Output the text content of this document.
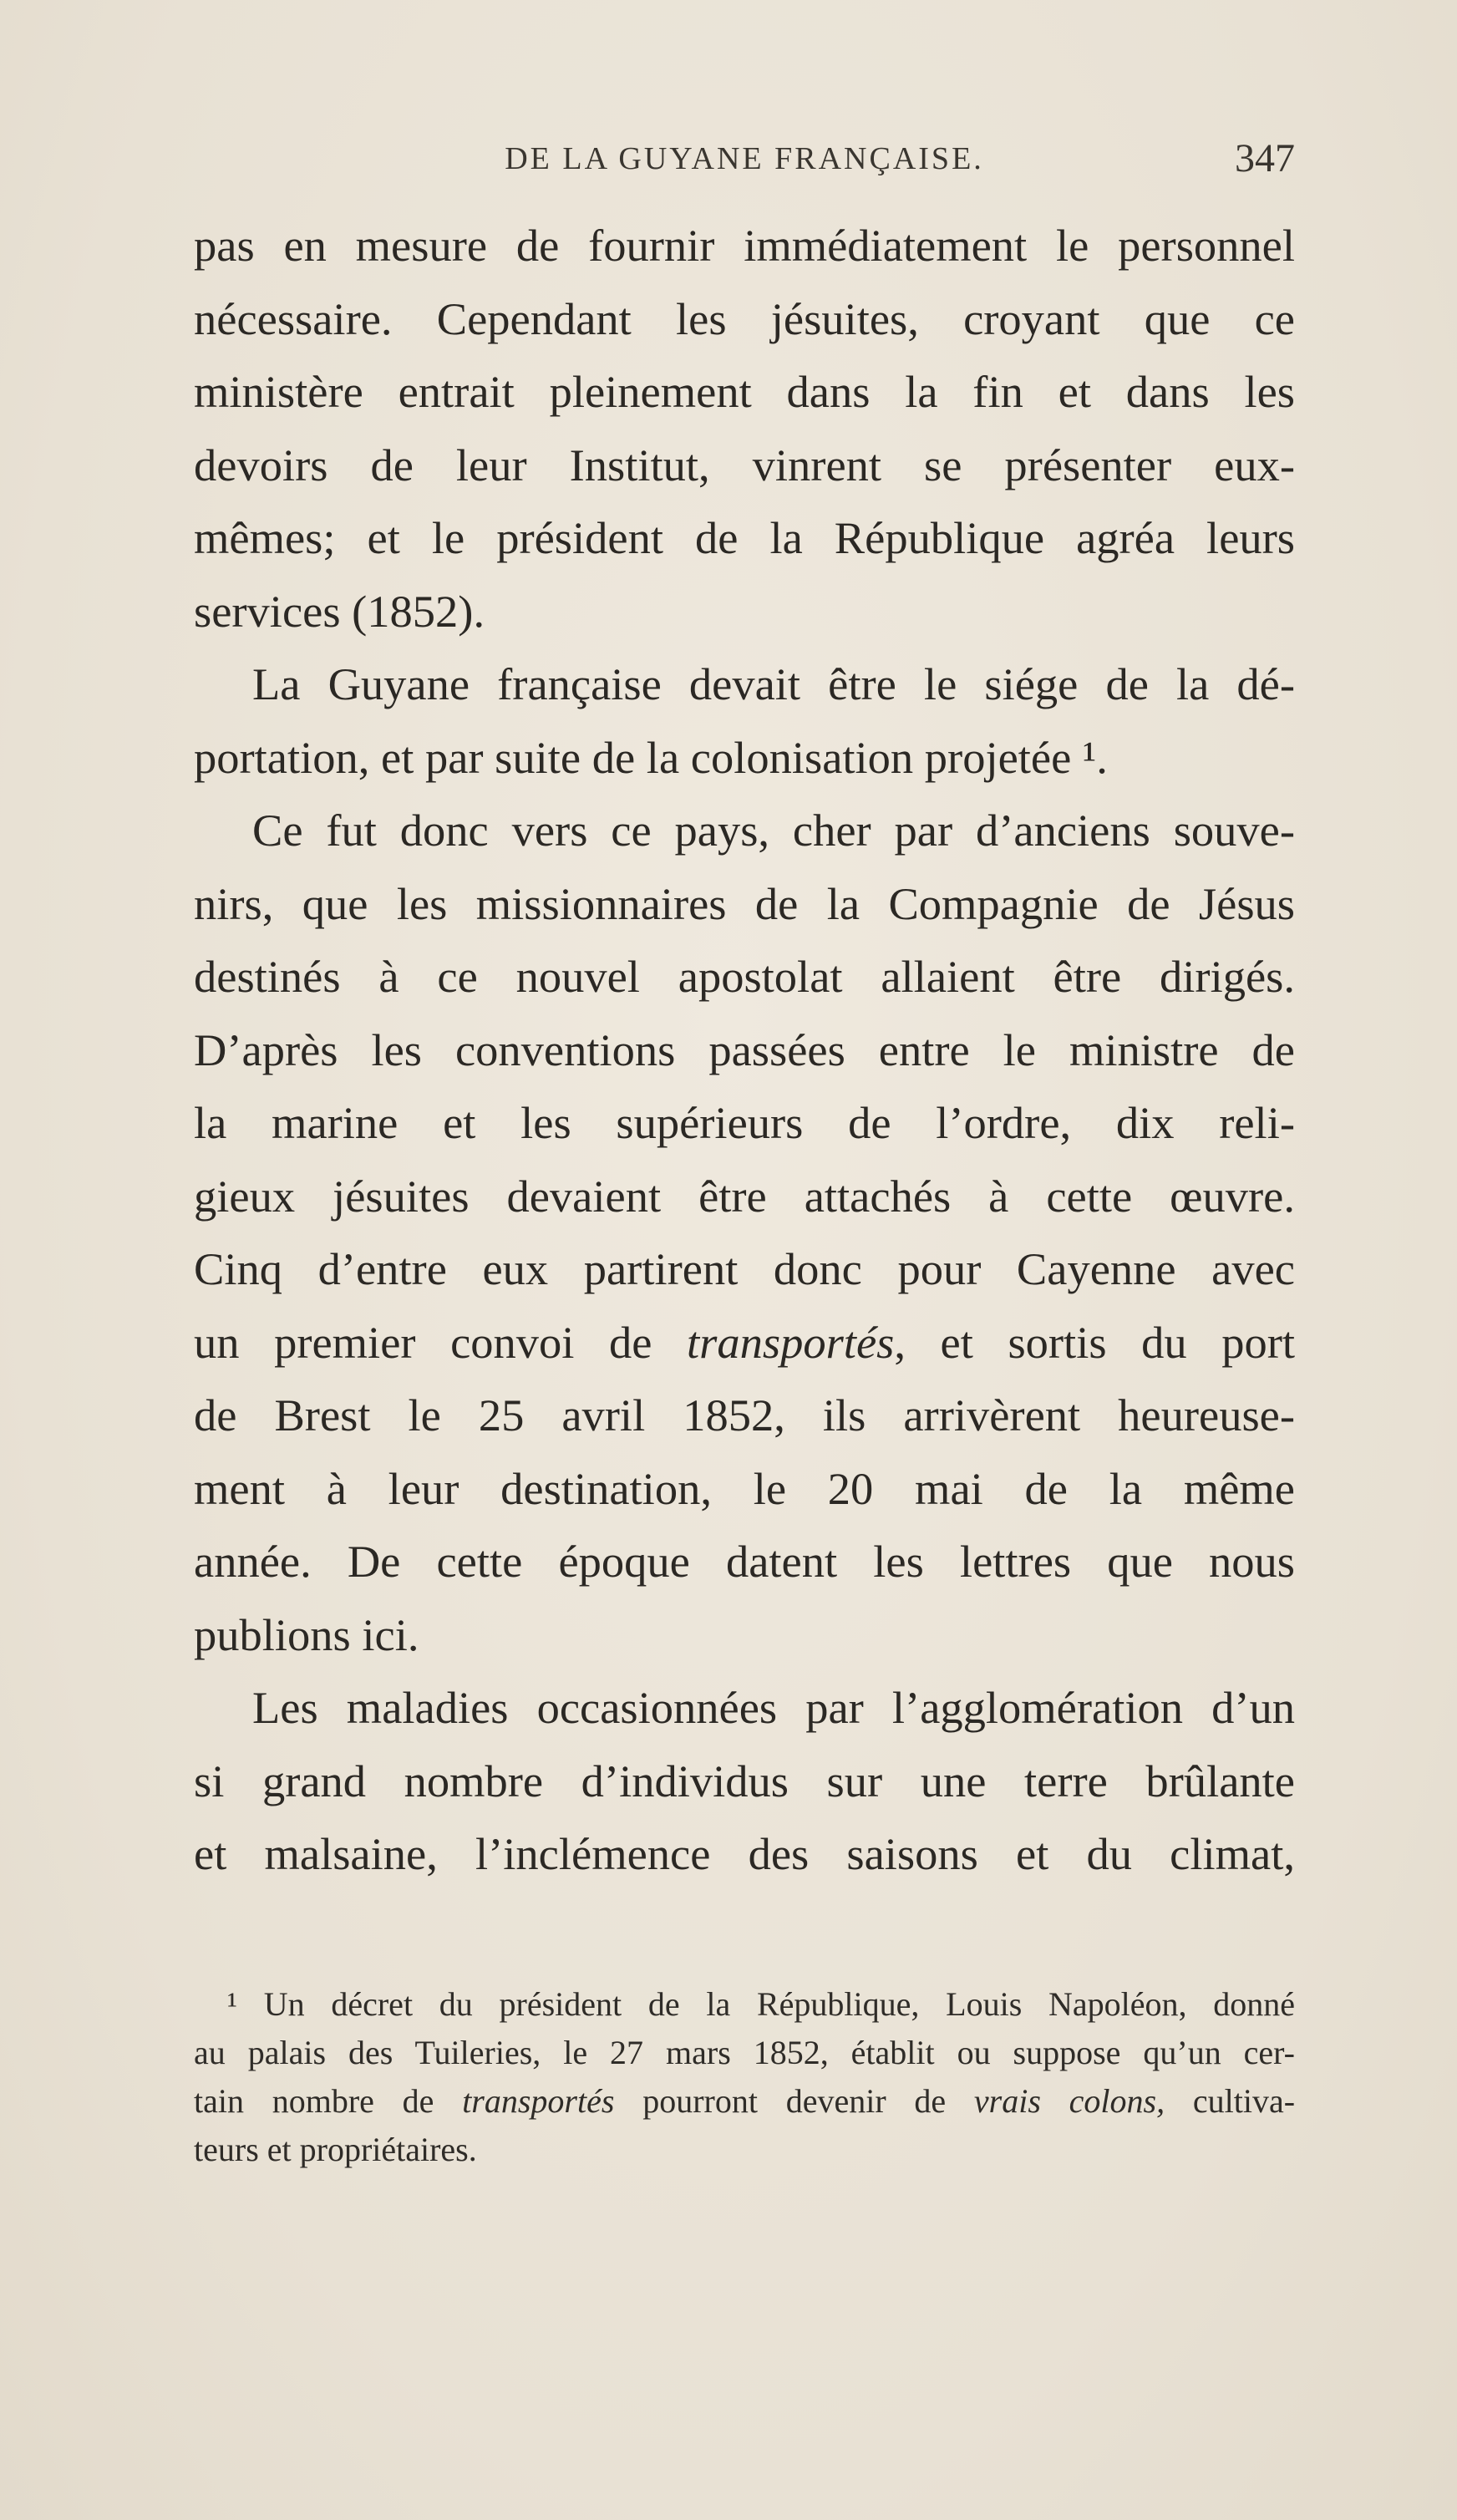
DE LA GUYANE FRANÇAISE.	347
pas en mesure de fournir immédiatement le personnel
nécessaire. Cependant les jésuites, croyant que ce
ministère entrait pleinement dans la fin et dans les
devoirs de leur Institut, vinrent se présenter eux-
mêmes; et le président de la République agréa leurs
services (1852).
La Guyane française devait être le siége de la dé-
portation, et par suite de la colonisation projetée ¹.
Ce fut donc vers ce pays, cher par d’anciens souve-
nirs, que les missionnaires de la Compagnie de Jésus
destinés à ce nouvel apostolat allaient être dirigés.
D’après les conventions passées entre le ministre de
la marine et les supérieurs de l’ordre, dix reli-
gieux jésuites devaient être attachés à cette œuvre.
Cinq d’entre eux partirent donc pour Cayenne avec
un premier convoi de transportés, et sortis du port
de Brest le 25 avril 1852, ils arrivèrent heureuse-
ment à leur destination, le 20 mai de la même
année. De cette époque datent les lettres que nous
publions ici.
Les maladies occasionnées par l’agglomération d’un
si grand nombre d’individus sur une terre brûlante
et malsaine, l’inclémence des saisons et du climat,
¹ Un décret du président de la République, Louis Napoléon, donné
au palais des Tuileries, le 27 mars 1852, établit ou suppose qu’un cer-
tain nombre de transportés pourront devenir de vrais colons, cultiva-
teurs et propriétaires.
